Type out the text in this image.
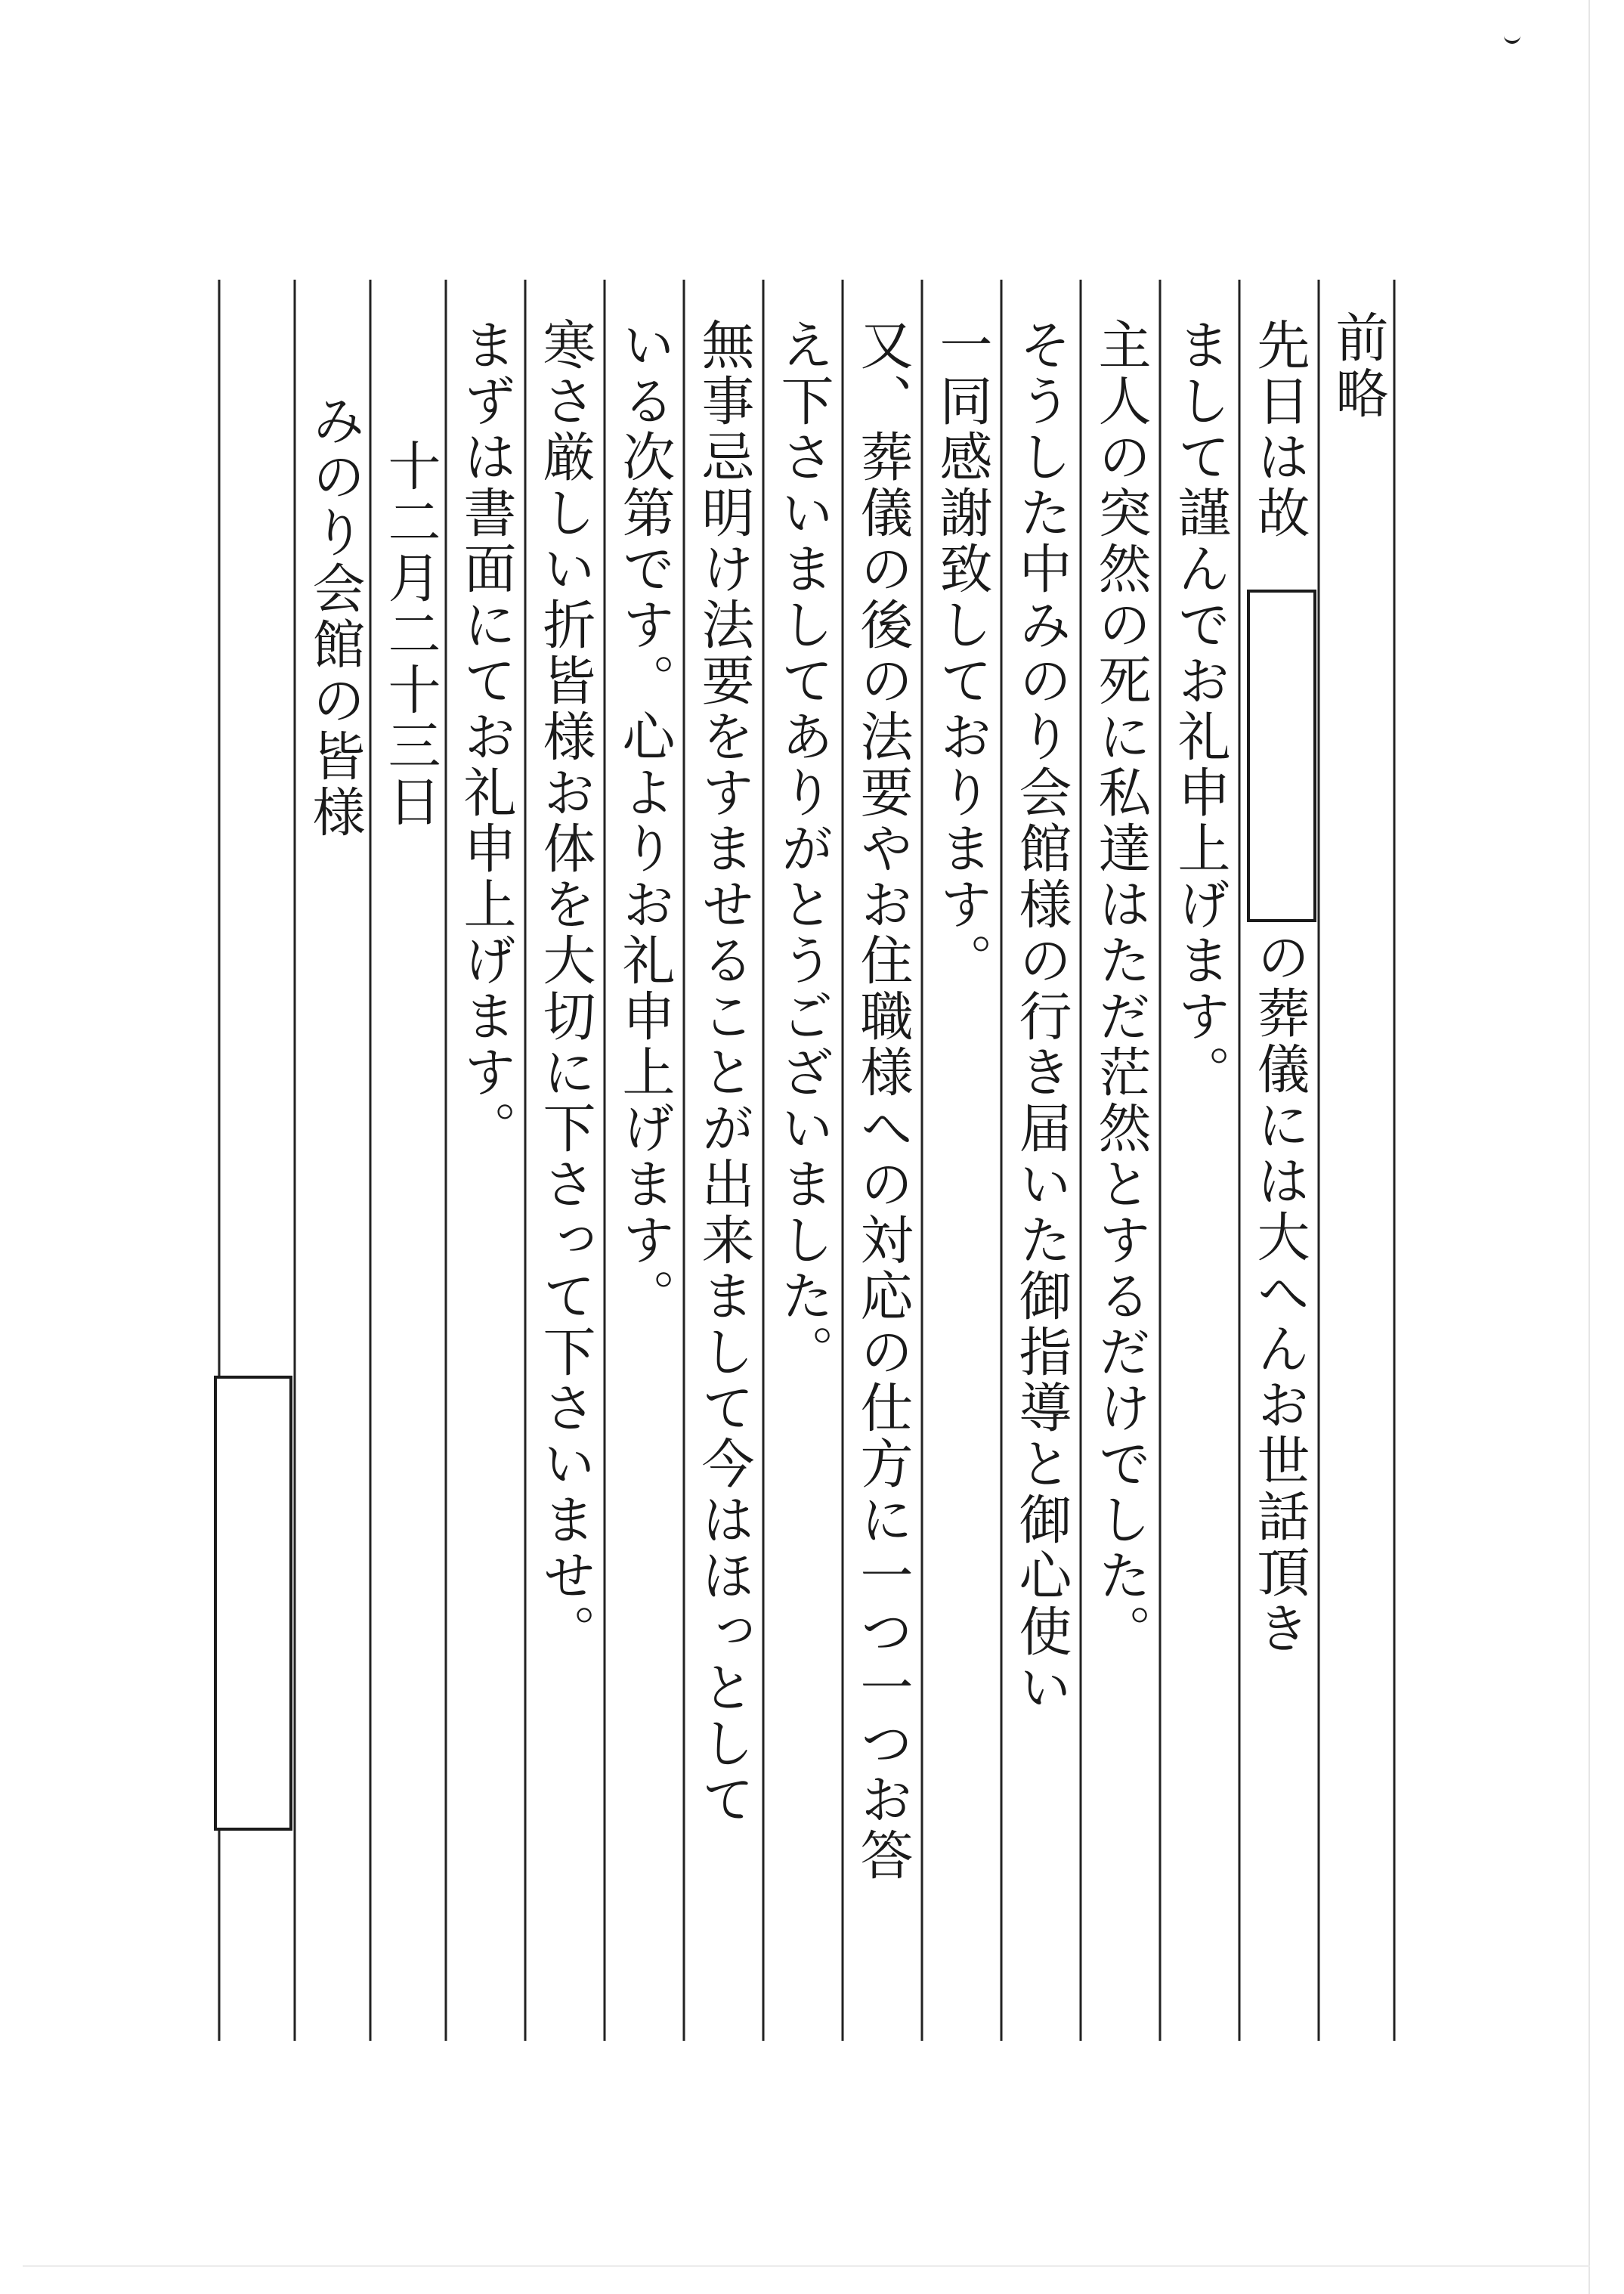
前略
先日は故
の葬儀には大へんお世話頂き
まして謹んでお礼申上げます。
主人の突然の死に私達はただ茫然とするだけでした。
そうした中みのり会館様の行き届いた御指導と御心使い
一同感謝致しております。
又、葬儀の後の法要やお住職様への対応の仕方に一つ一つお答
え下さいましてありがとうございました。
無事忌明け法要をすませることが出来まして今はほっとして
いる次第です。心よりお礼申上げます。
寒さ厳しい折皆様お体を大切に下さって下さいませ。
まずは書面にてお礼申上げます。
十二月二十三日
みのり会館の皆様
